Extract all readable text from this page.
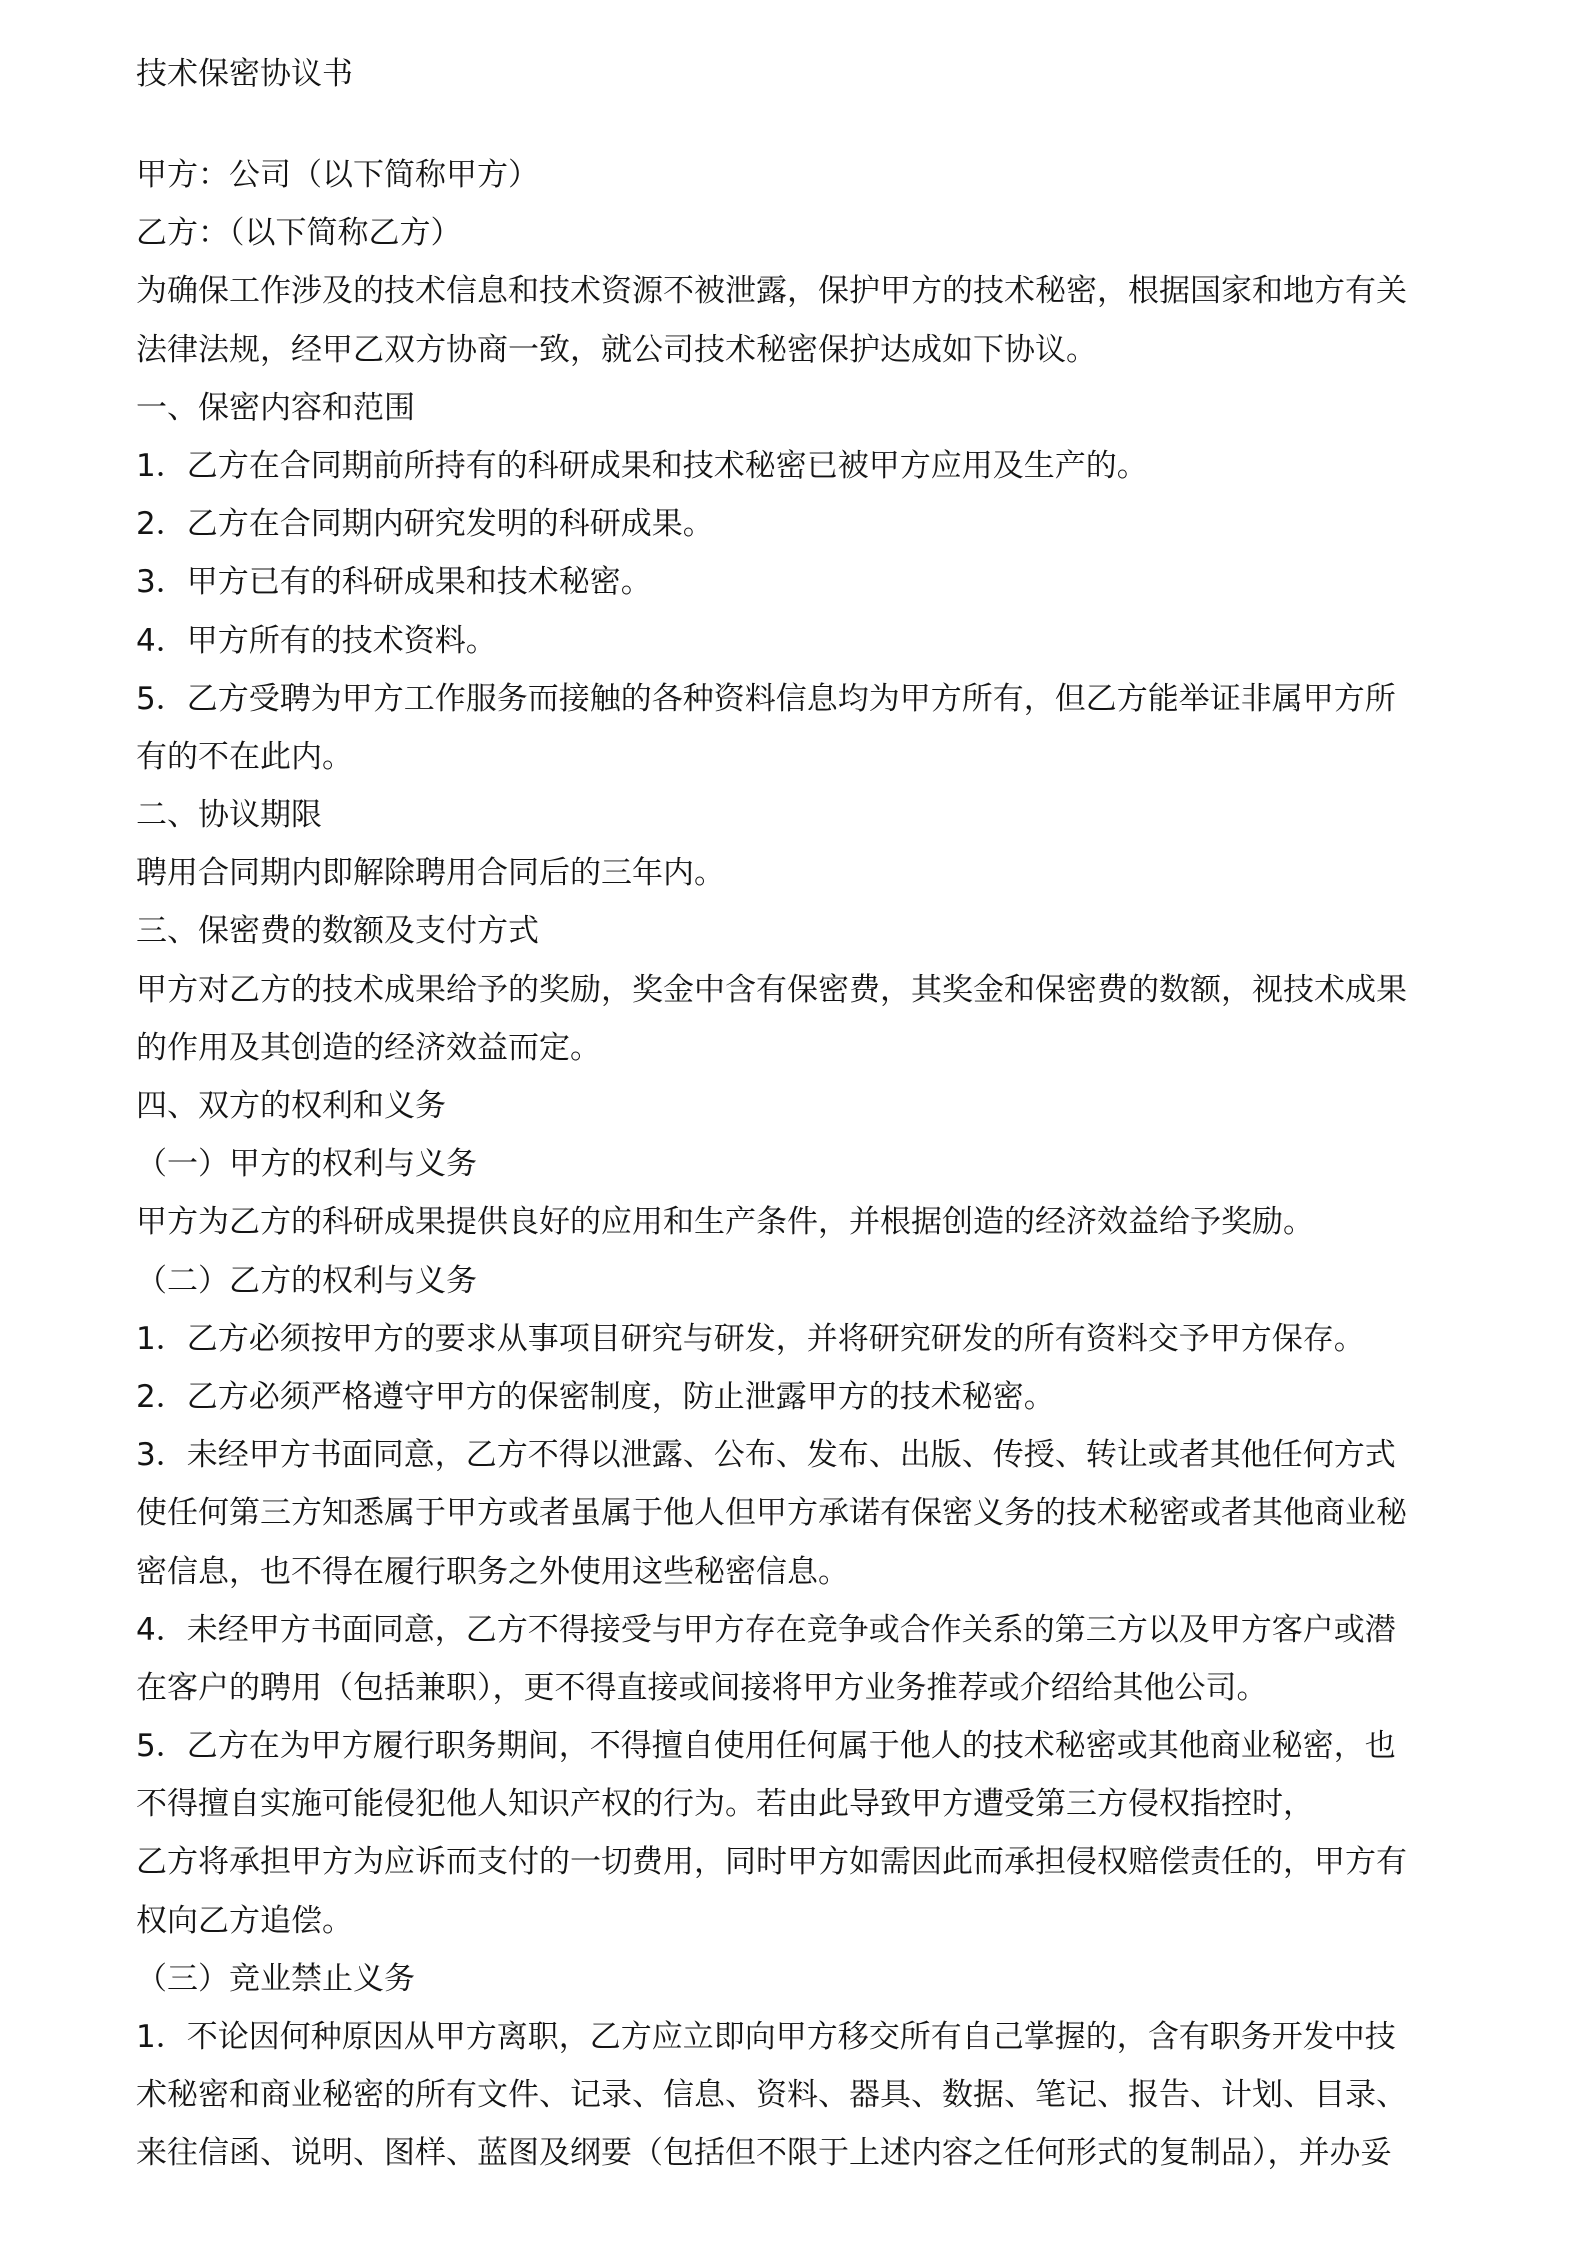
技术保密协议书
甲方：公司（以下简称甲方）
乙方：（以下简称乙方）
为确保工作涉及的技术信息和技术资源不被泄露，保护甲方的技术秘密，根据国家和地方有关
法律法规，经甲乙双方协商一致，就公司技术秘密保护达成如下协议。
一、保密内容和范围
1．乙方在合同期前所持有的科研成果和技术秘密已被甲方应用及生产的。
2．乙方在合同期内研究发明的科研成果。
3．甲方已有的科研成果和技术秘密。
4．甲方所有的技术资料。
5．乙方受聘为甲方工作服务而接触的各种资料信息均为甲方所有，但乙方能举证非属甲方所
有的不在此内。
二、协议期限
聘用合同期内即解除聘用合同后的三年内。
三、保密费的数额及支付方式
甲方对乙方的技术成果给予的奖励，奖金中含有保密费，其奖金和保密费的数额，视技术成果
的作用及其创造的经济效益而定。
四、双方的权利和义务
（一）甲方的权利与义务
甲方为乙方的科研成果提供良好的应用和生产条件，并根据创造的经济效益给予奖励。
（二）乙方的权利与义务
1．乙方必须按甲方的要求从事项目研究与研发，并将研究研发的所有资料交予甲方保存。
2．乙方必须严格遵守甲方的保密制度，防止泄露甲方的技术秘密。
3．未经甲方书面同意，乙方不得以泄露、公布、发布、出版、传授、转让或者其他任何方式
使任何第三方知悉属于甲方或者虽属于他人但甲方承诺有保密义务的技术秘密或者其他商业秘
密信息，也不得在履行职务之外使用这些秘密信息。
4．未经甲方书面同意，乙方不得接受与甲方存在竞争或合作关系的第三方以及甲方客户或潜
在客户的聘用（包括兼职），更不得直接或间接将甲方业务推荐或介绍给其他公司。
5．乙方在为甲方履行职务期间，不得擅自使用任何属于他人的技术秘密或其他商业秘密，也
不得擅自实施可能侵犯他人知识产权的行为。若由此导致甲方遭受第三方侵权指控时，
乙方将承担甲方为应诉而支付的一切费用，同时甲方如需因此而承担侵权赔偿责任的，甲方有
权向乙方追偿。
（三）竞业禁止义务
1．不论因何种原因从甲方离职，乙方应立即向甲方移交所有自己掌握的，含有职务开发中技
术秘密和商业秘密的所有文件、记录、信息、资料、器具、数据、笔记、报告、计划、目录、
来往信函、说明、图样、蓝图及纲要（包括但不限于上述内容之任何形式的复制品），并办妥
